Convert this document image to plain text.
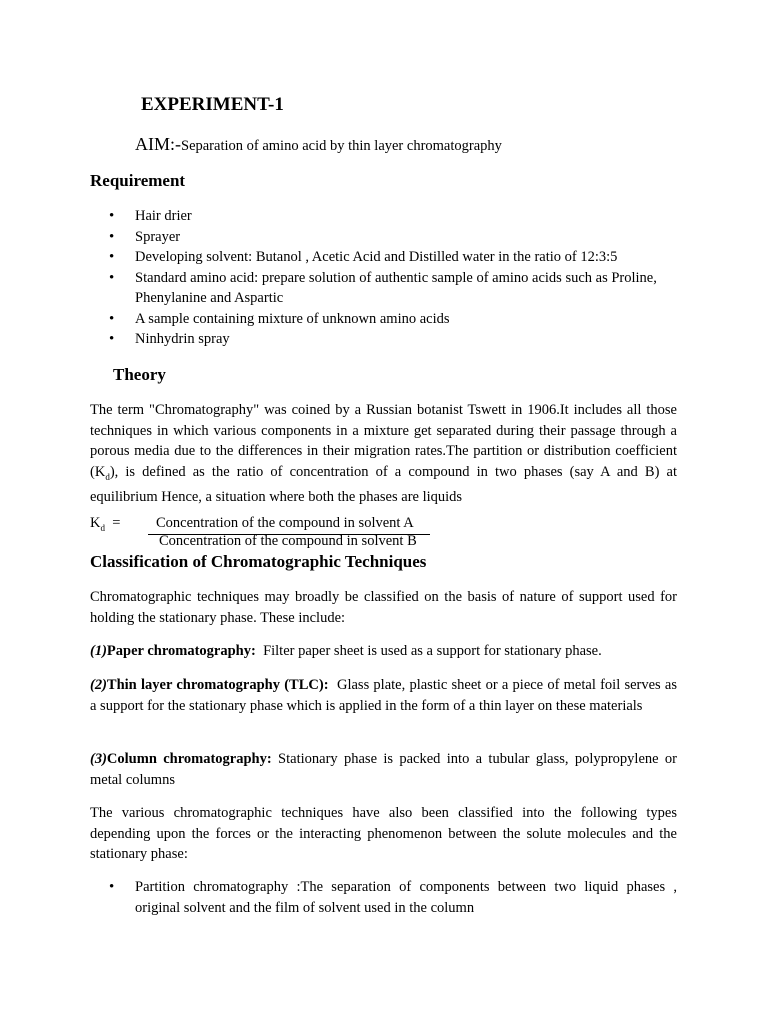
EXPERIMENT-1
AIM:-Separation of amino acid by thin layer chromatography
Requirement
• Hair drier
• Sprayer
• Developing solvent: Butanol , Acetic Acid and Distilled water in the ratio of 12:3:5
• Standard amino acid: prepare solution of authentic sample of amino acids such as Proline, Phenylanine and Aspartic
• A sample containing mixture of unknown amino acids
• Ninhydrin spray
Theory
The term "Chromatography" was coined by a Russian botanist Tswett in 1906.It includes all those techniques in which various components in a mixture get separated during their passage through a porous media due to the differences in their migration rates.The partition or distribution coefficient $(K_d)$, is defined as the ratio of concentration of a compound in two phases (say A and B) at equilibrium Hence, a situation where both the phases are liquids
$K_d$ = Concentration of the compound in solvent A
Concentration of the compound in solvent B
Classification of Chromatographic Techniques
Chromatographic techniques may broadly be classified on the basis of nature of support used for holding the stationary phase. These include:
(1)Paper chromatography:  Filter paper sheet is used as a support for stationary phase.
(2)Thin layer chromatography (TLC):  Glass plate, plastic sheet or a piece of metal foil serves as a support for the stationary phase which is applied in the form of a thin layer on these materials
(3)Column chromatography: Stationary phase is packed into a tubular glass, polypropylene or metal columns
The various chromatographic techniques have also been classified into the following types depending upon the forces or the interacting phenomenon between the solute molecules and the stationary phase:
• Partition chromatography :The separation of components between two liquid phases , original solvent and the film of solvent used in the column
